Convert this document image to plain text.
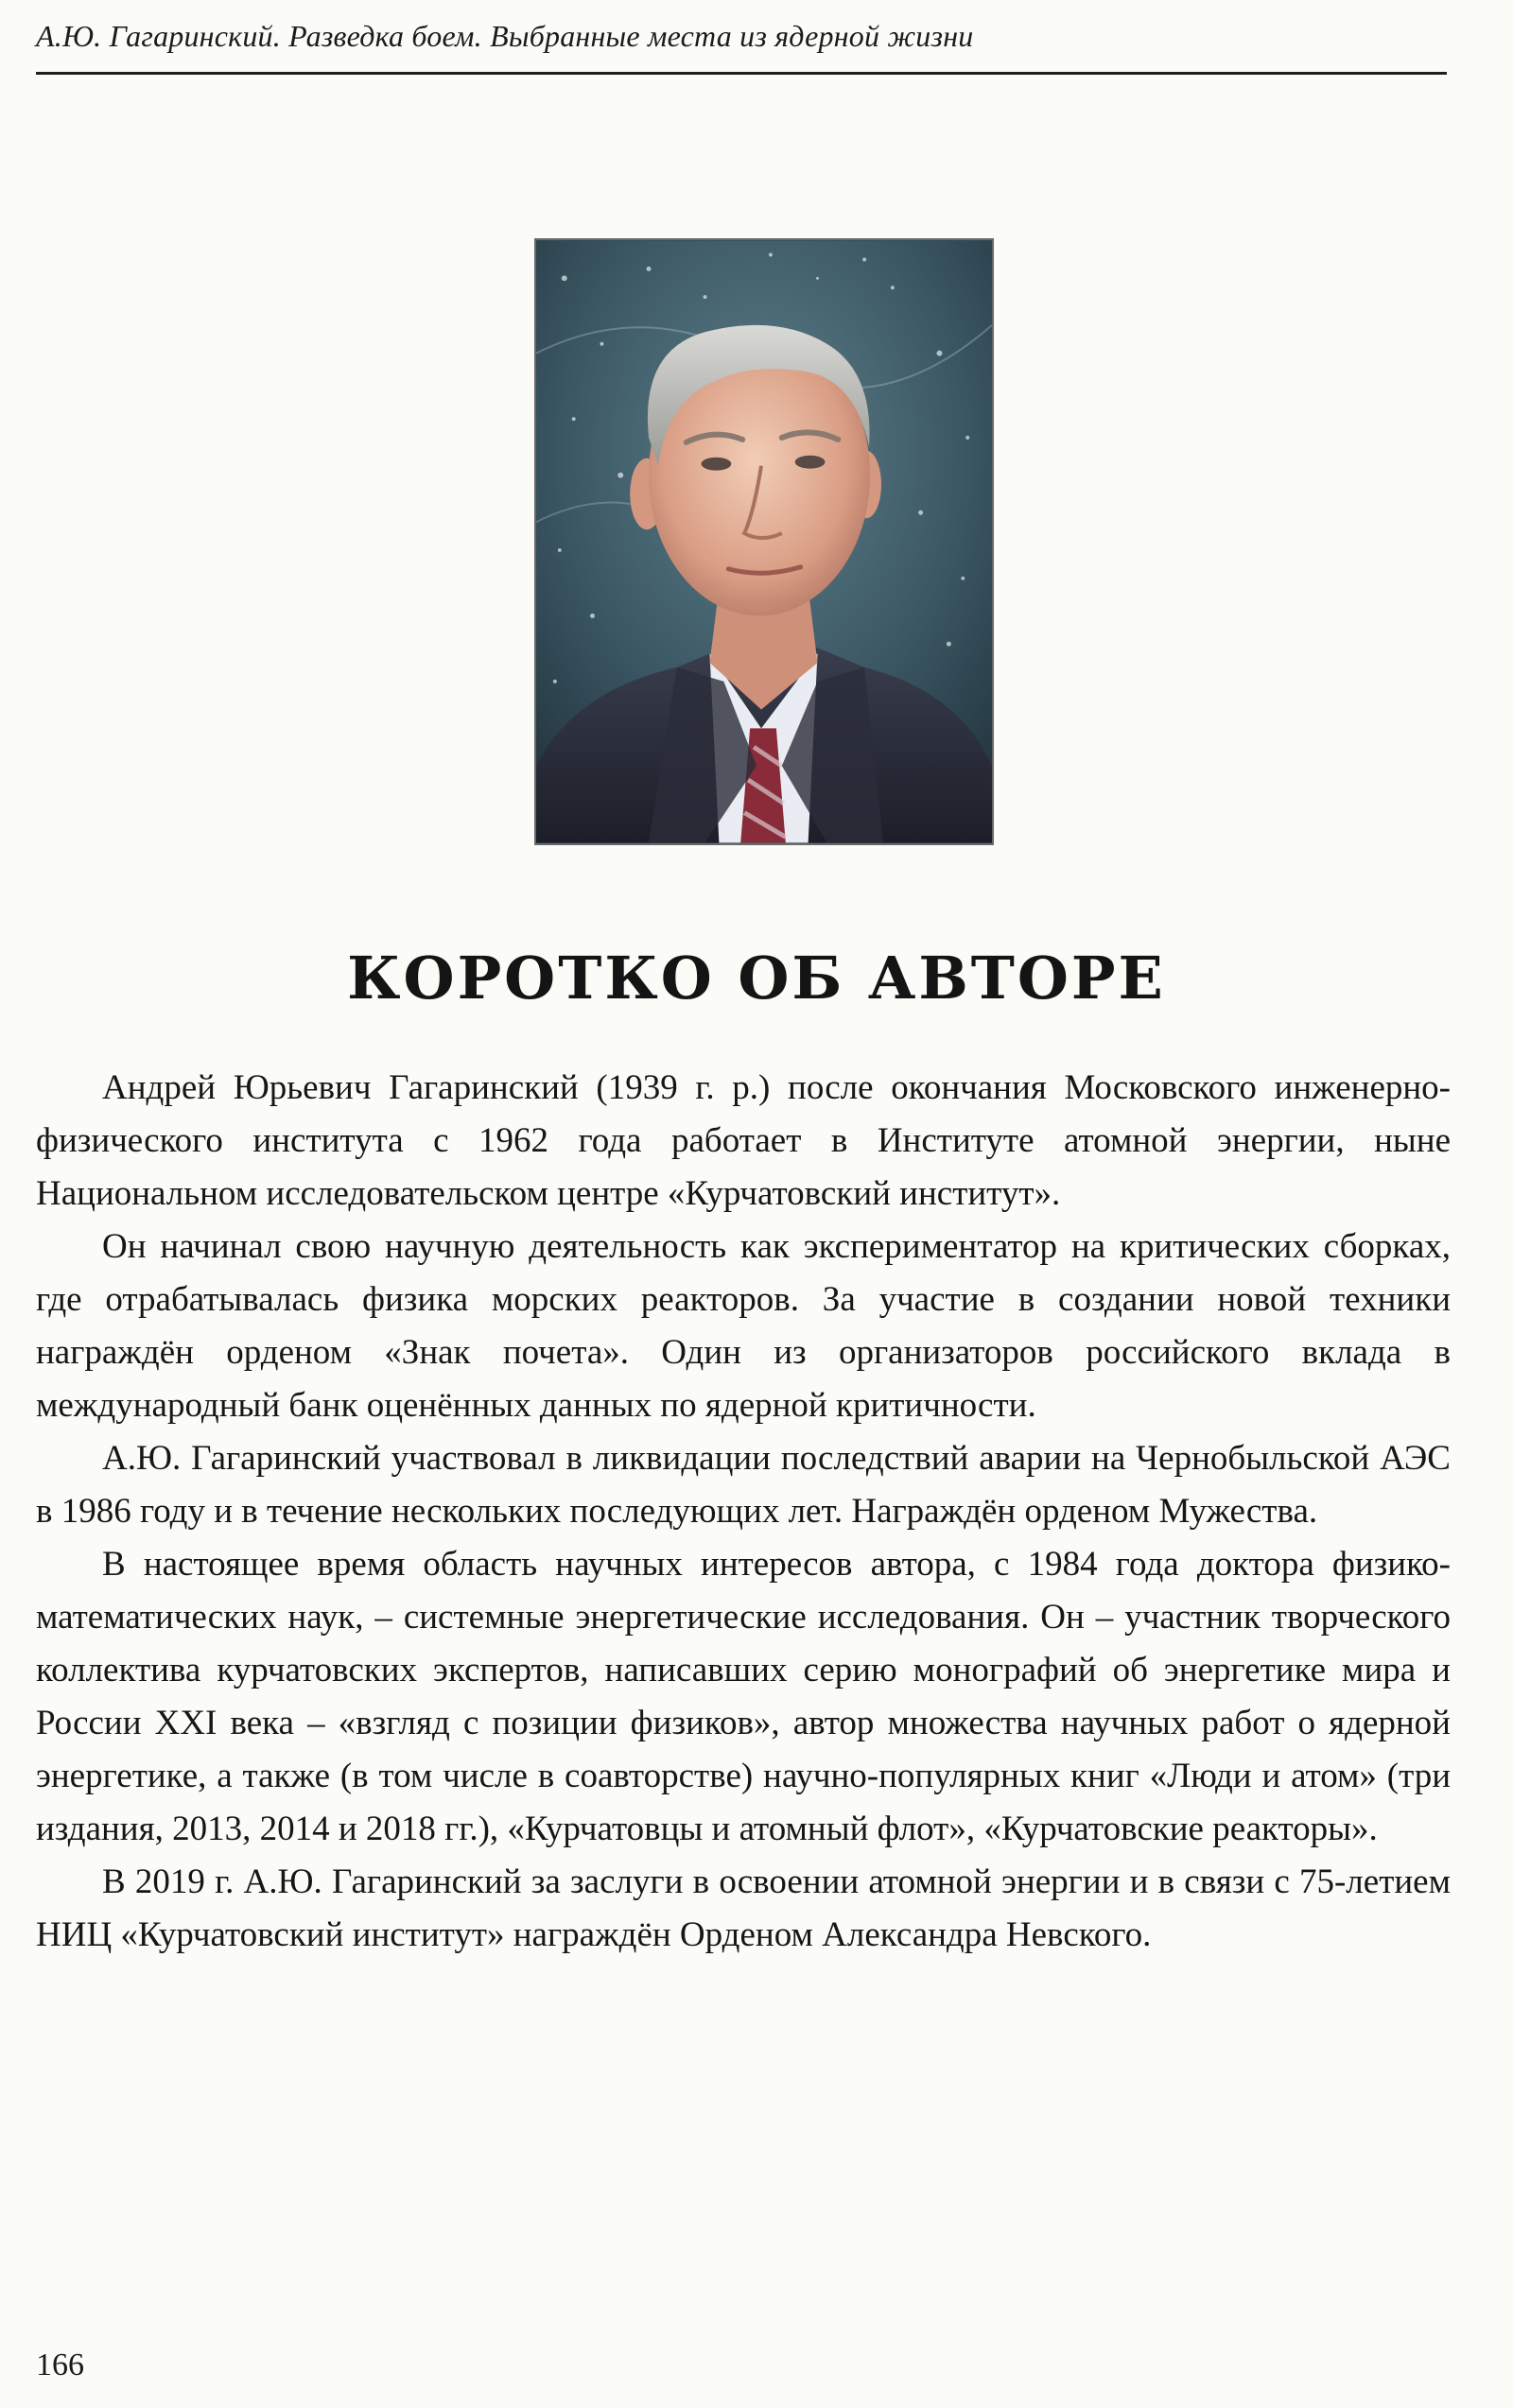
А.Ю. Гагаринский. Разведка боем. Выбранные места из ядерной жизни
КОРОТКО ОБ АВТОРЕ

Андрей Юрьевич Гагаринский (1939 г. р.) после окончания Московского инженерно-физического института с 1962 года работает в Институте атомной энергии, ныне Национальном исследовательском центре «Курчатовский институт».

Он начинал свою научную деятельность как экспериментатор на критических сборках, где отрабатывалась физика морских реакторов. За участие в создании новой техники награждён орденом «Знак почета». Один из организаторов российского вклада в международный банк оценённых данных по ядерной критичности.

А.Ю. Гагаринский участвовал в ликвидации последствий аварии на Чернобыльской АЭС в 1986 году и в течение нескольких последующих лет. Награждён орденом Мужества.

В настоящее время область научных интересов автора, с 1984 года доктора физико-математических наук, – системные энергетические исследования. Он – участник творческого коллектива курчатовских экспертов, написавших серию монографий об энергетике мира и России XXI века – «взгляд с позиции физиков», автор множества научных работ о ядерной энергетике, а также (в том числе в соавторстве) научно-популярных книг «Люди и атом» (три издания, 2013, 2014 и 2018 гг.), «Курчатовцы и атомный флот», «Курчатовские реакторы».

В 2019 г. А.Ю. Гагаринский за заслуги в освоении атомной энергии и в связи с 75-летием НИЦ «Курчатовский институт» награждён Орденом Александра Невского.

166
